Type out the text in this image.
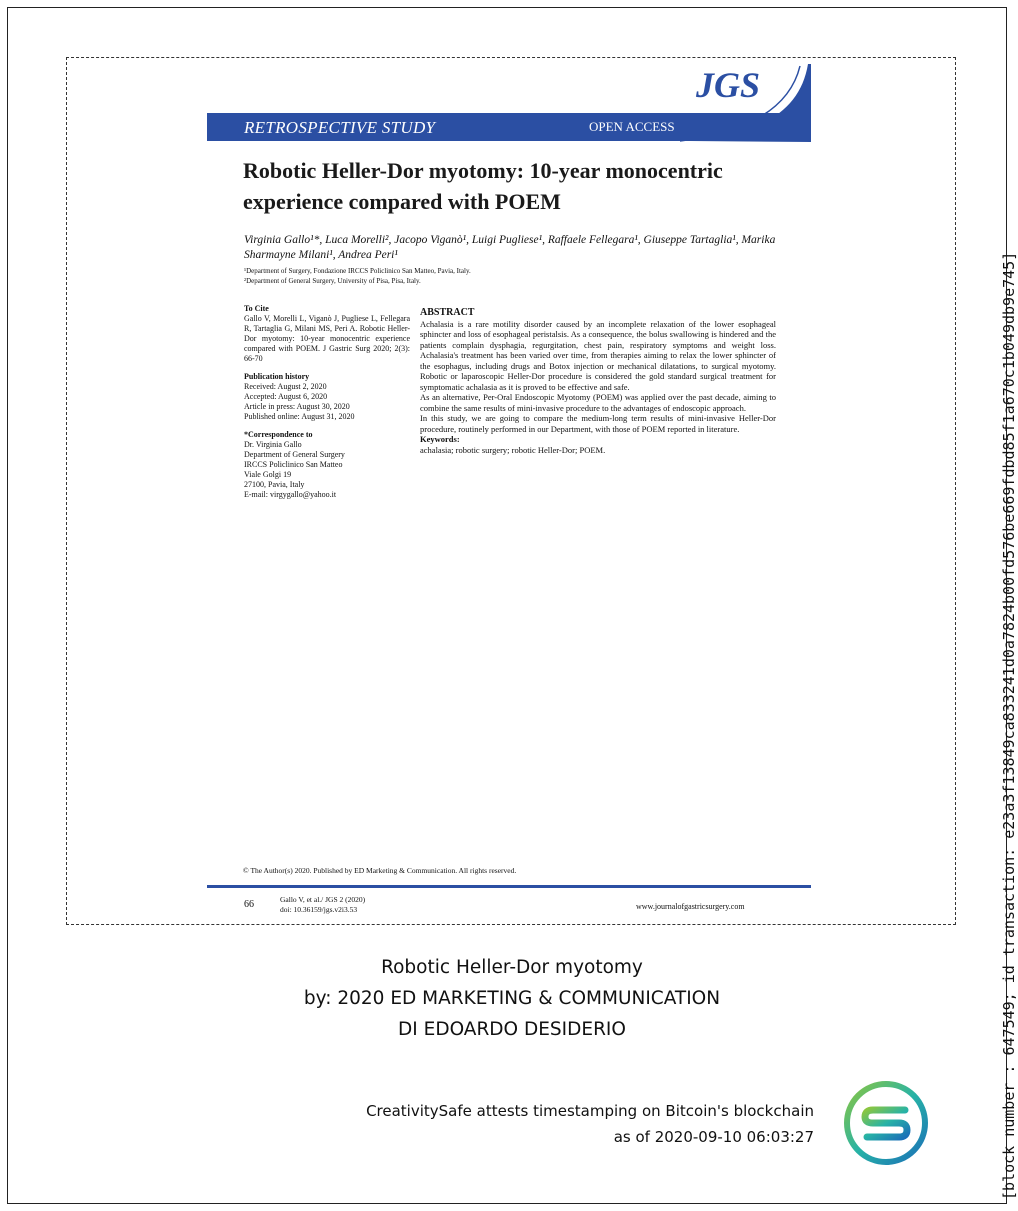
JGS
RETROSPECTIVE STUDY	OPEN ACCESS
Robotic Heller-Dor myotomy: 10-year monocentric experience compared with POEM
Virginia Gallo¹*, Luca Morelli², Jacopo Viganò¹, Luigi Pugliese¹, Raffaele Fellegara¹, Giuseppe Tartaglia¹, Marika Sharmayne Milani¹, Andrea Peri¹
¹Department of Surgery, Fondazione IRCCS Policlinico San Matteo, Pavia, Italy.
²Department of General Surgery, University of Pisa, Pisa, Italy.
To Cite
Gallo V, Morelli L, Viganò J, Pugliese L, Fellegara R, Tartaglia G, Milani MS, Peri A. Robotic Heller-Dor myotomy: 10-year monocentric experience compared with POEM. J Gastric Surg 2020; 2(3): 66-70
Publication history
Received: August 2, 2020
Accepted: August 6, 2020
Article in press: August 30, 2020
Published online: August 31, 2020
*Correspondence to
Dr. Virginia Gallo
Department of General Surgery
IRCCS Policlinico San Matteo
Viale Golgi 19
27100, Pavia, Italy
E-mail: virgygallo@yahoo.it
ABSTRACT

Achalasia is a rare motility disorder caused by an incomplete relaxation of the lower esophageal sphincter and loss of esophageal peristalsis. As a consequence, the bolus swallowing is hindered and the patients complain dysphagia, regurgitation, chest pain, respiratory symptoms and weight loss. Achalasia's treatment has been varied over time, from therapies aiming to relax the lower sphincter of the esophagus, including drugs and Botox injection or mechanical dilatations, to surgical myotomy. Robotic or laparoscopic Heller-Dor procedure is considered the gold standard surgical treatment for symptomatic achalasia as it is proved to be effective and safe.

As an alternative, Per-Oral Endoscopic Myotomy (POEM) was applied over the past decade, aiming to combine the same results of mini-invasive procedure to the advantages of endoscopic approach.

In this study, we are going to compare the medium-long term results of mini-invasive Heller-Dor procedure, routinely performed in our Department, with those of POEM reported in literature.

Keywords:
achalasia; robotic surgery; robotic Heller-Dor; POEM.
© The Author(s) 2020. Published by ED Marketing & Communication. All rights reserved.
66	Gallo V, et al./ JGS 2 (2020)
doi: 10.36159/jgs.v2i3.53	www.journalofgastricsurgery.com
Robotic Heller-Dor myotomy
by: 2020 ED MARKETING & COMMUNICATION
DI EDOARDO DESIDERIO
CreativitySafe attests timestamping on Bitcoin's blockchain
as of 2020-09-10 06:03:27	[block number : 647549; id transaction: e23a3f13849ca833241d0a7824b00fd576be669fdbd85f1a670c1b049db9e745]
